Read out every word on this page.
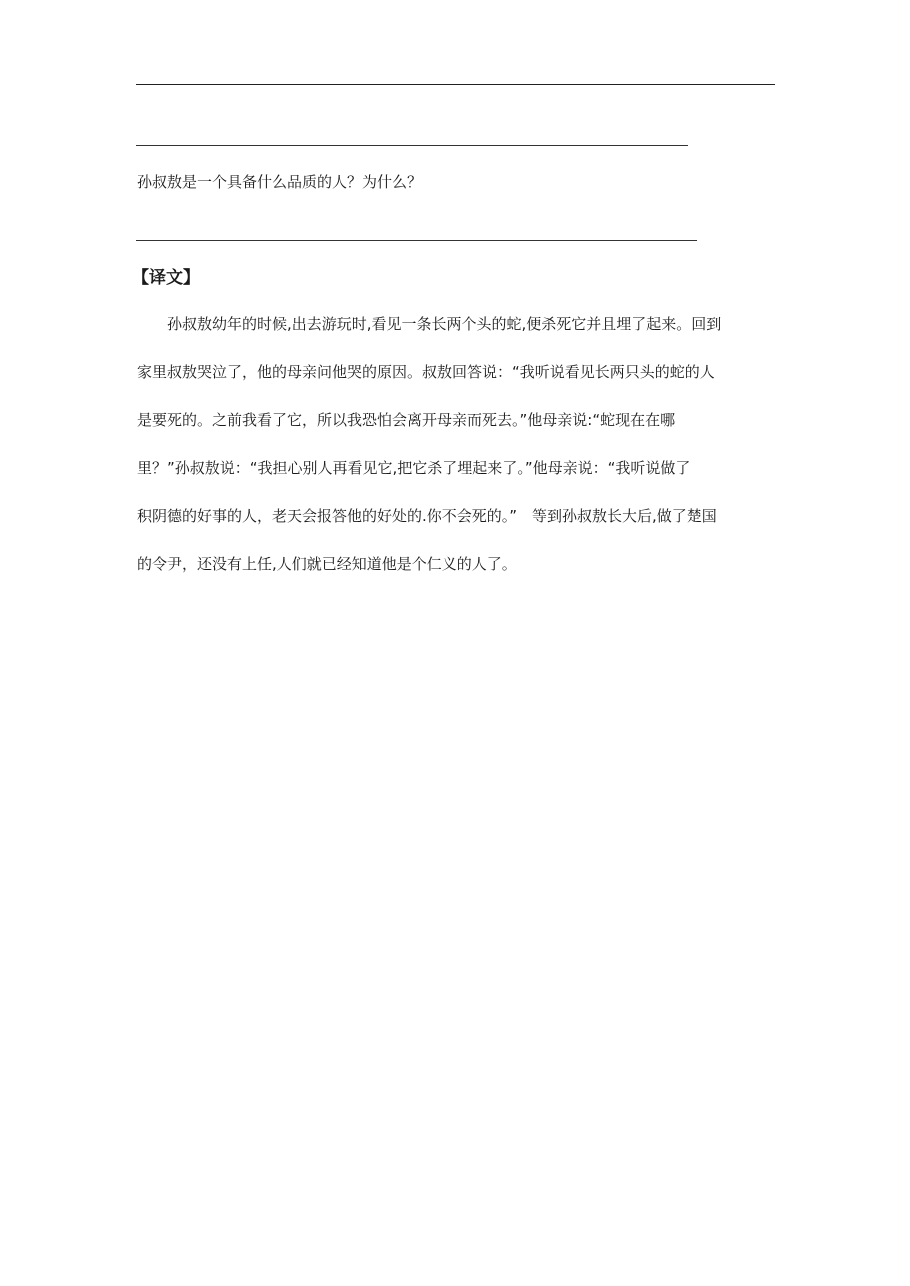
孙叔敖是一个具备什么品质的人？为什么？
【译文】
　　孙叔敖幼年的时候,出去游玩时,看见一条长两个头的蛇,便杀死它并且埋了起来。回到
家里叔敖哭泣了，他的母亲问他哭的原因。叔敖回答说：“我听说看见长两只头的蛇的人
是要死的。之前我看了它，所以我恐怕会离开母亲而死去。”他母亲说:“蛇现在在哪
里？”孙叔敖说：“我担心别人再看见它,把它杀了埋起来了。”他母亲说：“我听说做了
积阴德的好事的人，老天会报答他的好处的.你不会死的。”　等到孙叔敖长大后,做了楚国
的令尹，还没有上任,人们就已经知道他是个仁义的人了。
